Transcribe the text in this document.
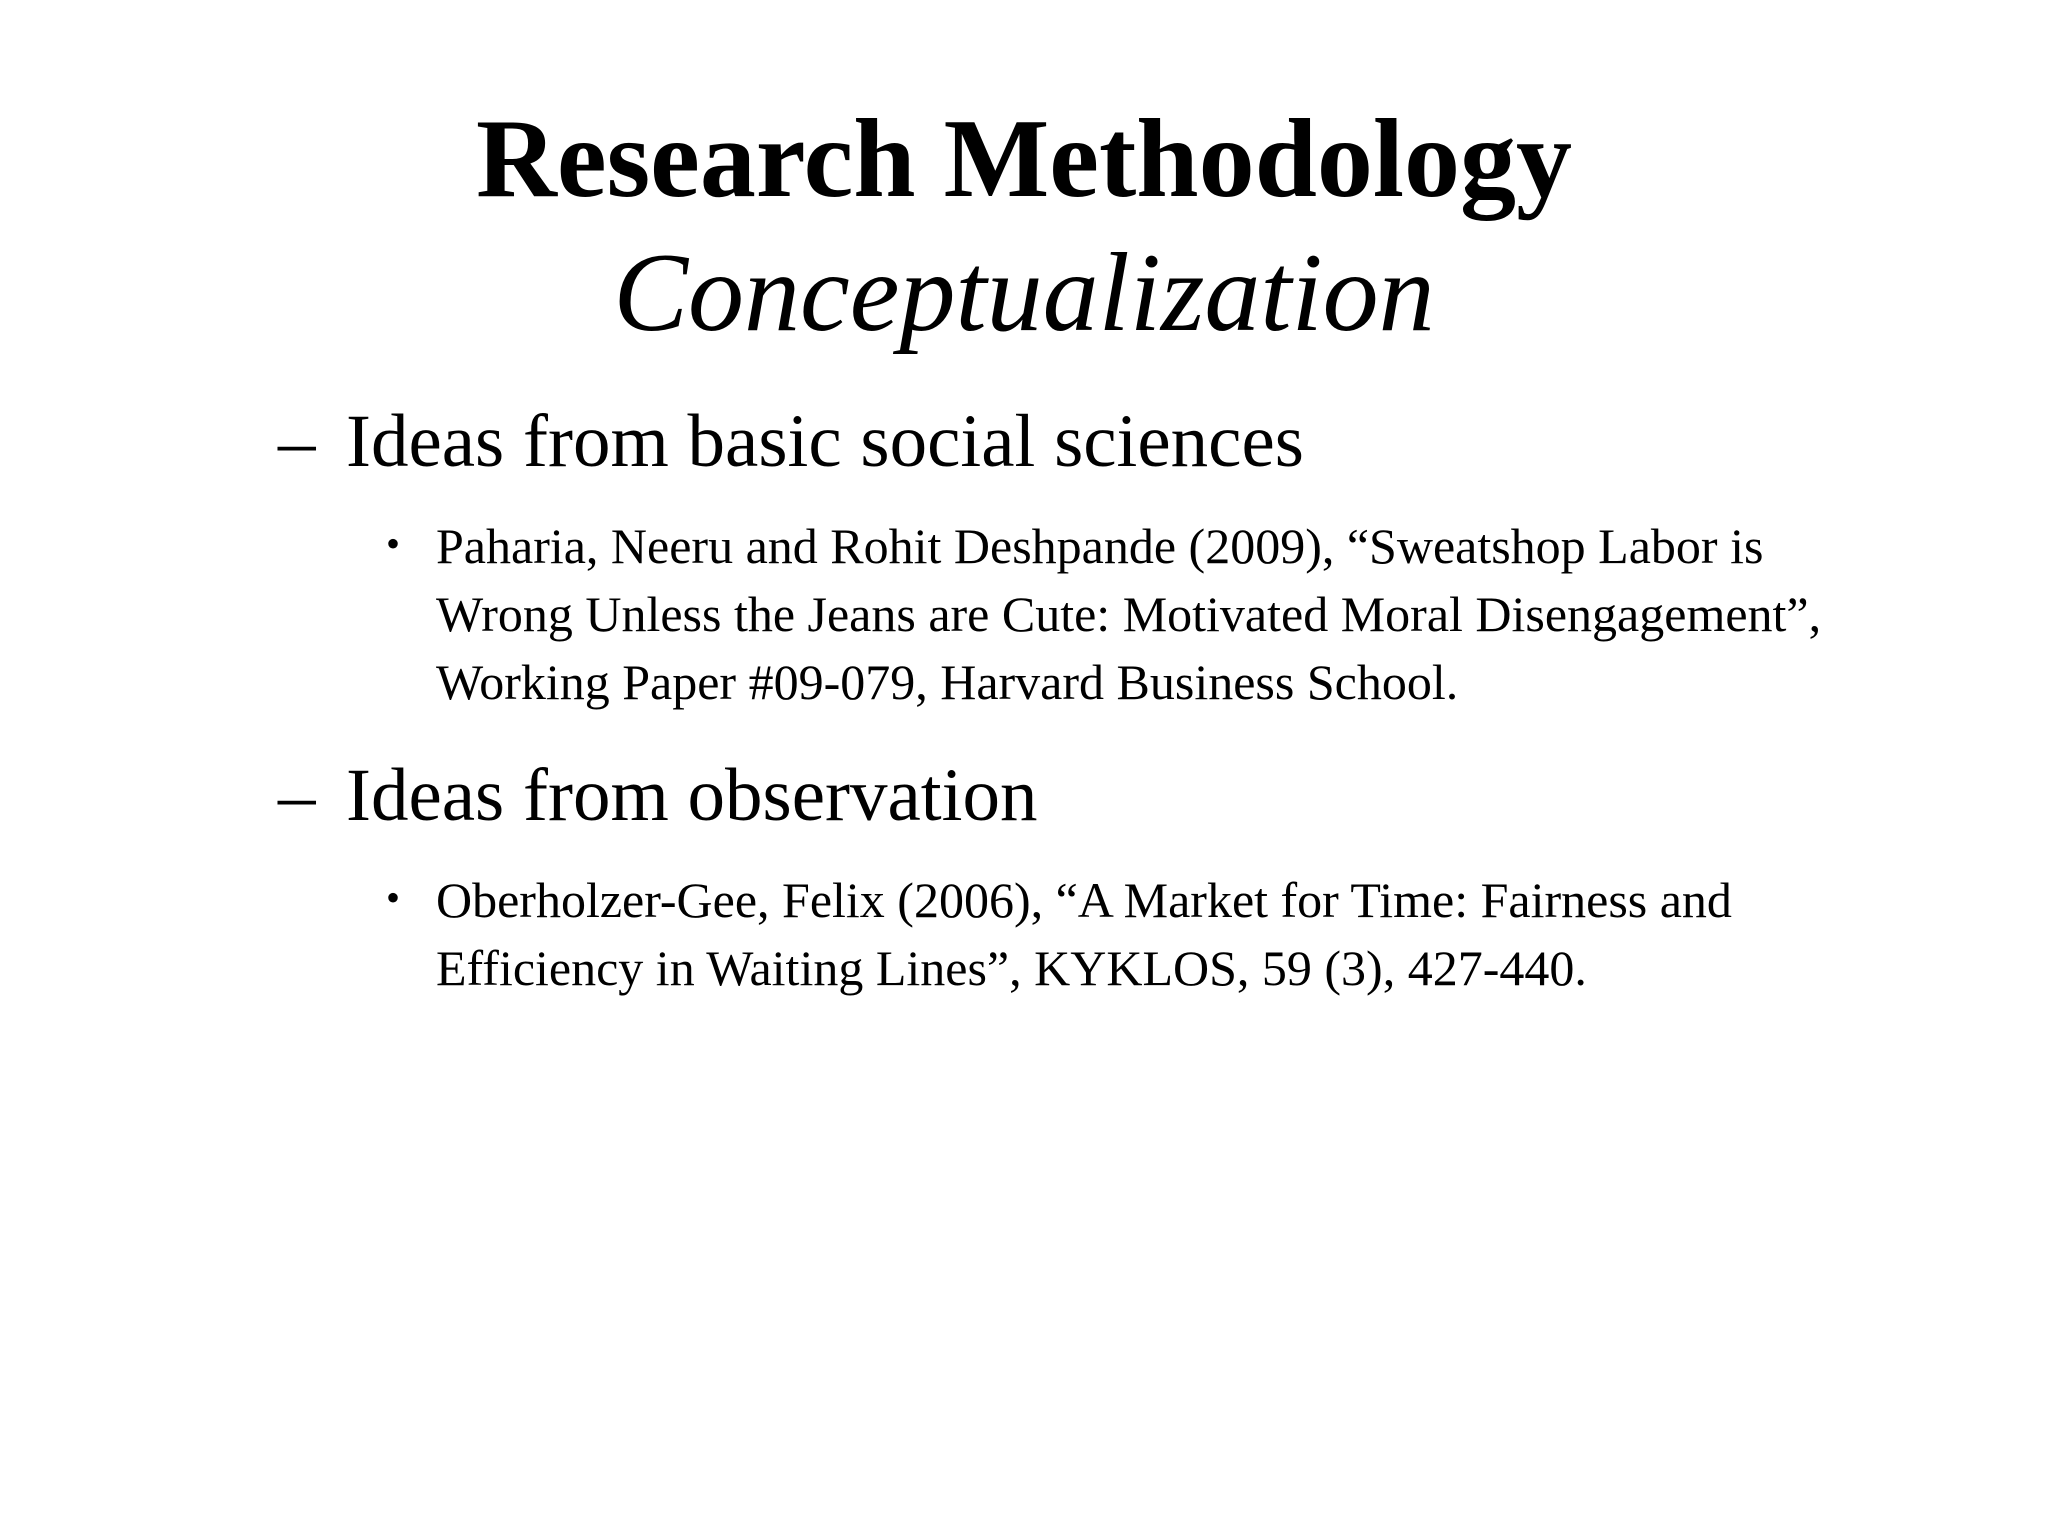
Research Methodology
Conceptualization

– Ideas from basic social sciences

• Paharia, Neeru and Rohit Deshpande (2009), “Sweatshop Labor is Wrong Unless the Jeans are Cute: Motivated Moral Disengagement”, Working Paper #09-079, Harvard Business School.

– Ideas from observation

• Oberholzer-Gee, Felix (2006), “A Market for Time: Fairness and Efficiency in Waiting Lines”, KYKLOS, 59 (3), 427-440.
